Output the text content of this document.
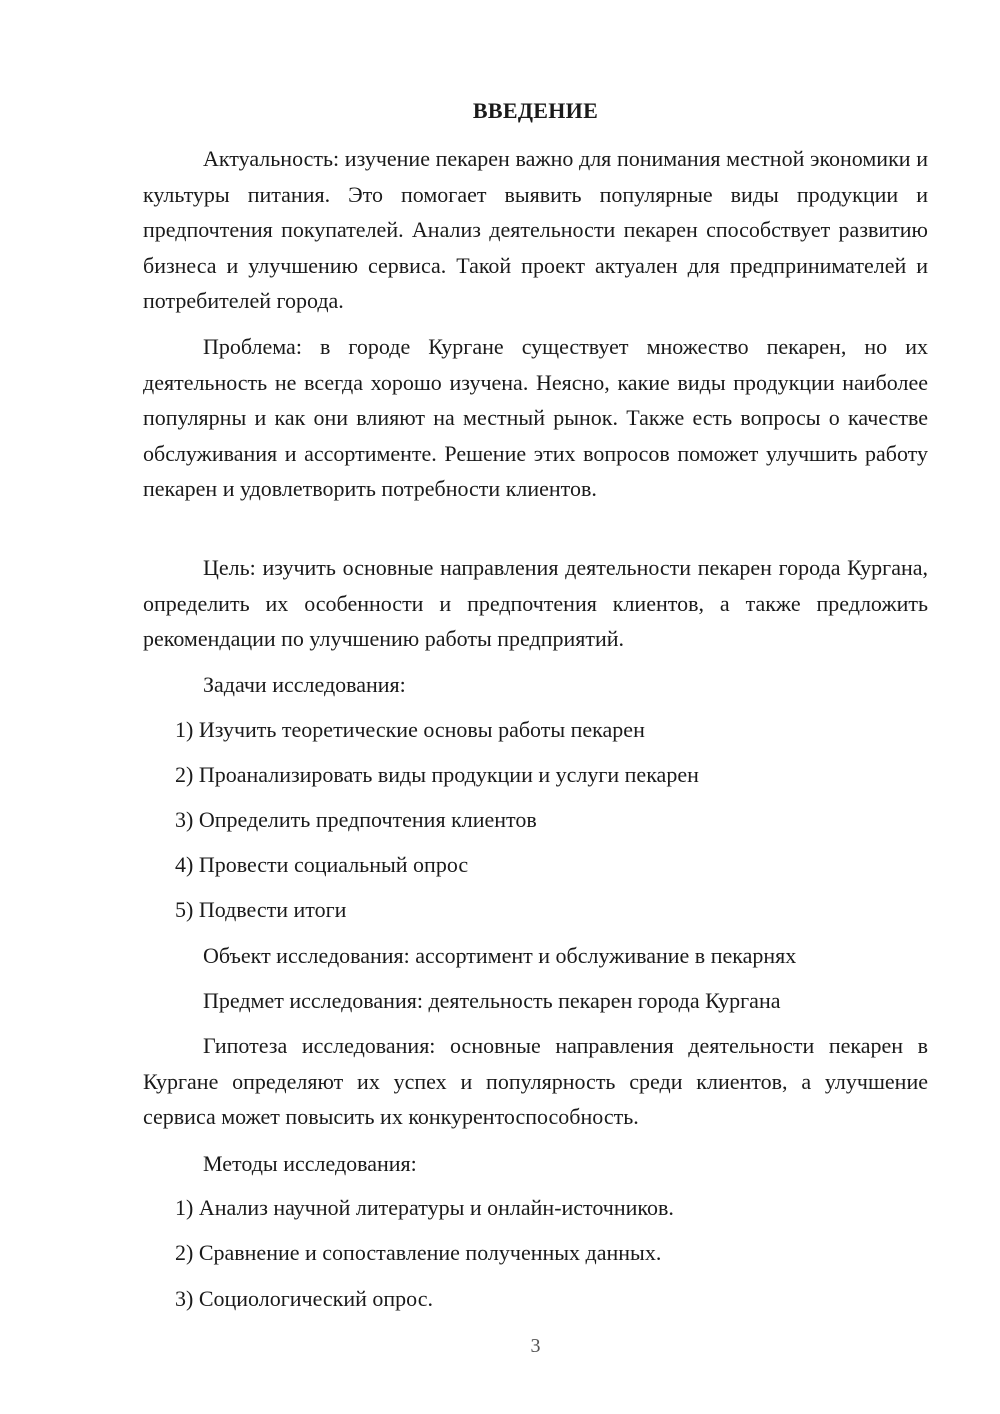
ВВЕДЕНИЕ

Актуальность: изучение пекарен важно для понимания местной экономики и культуры питания. Это помогает выявить популярные виды продукции и предпочтения покупателей. Анализ деятельности пекарен способствует развитию бизнеса и улучшению сервиса. Такой проект актуален для предпринимателей и потребителей города.

Проблема: в городе Кургане существует множество пекарен, но их деятельность не всегда хорошо изучена. Неясно, какие виды продукции наиболее популярны и как они влияют на местный рынок. Также есть вопросы о качестве обслуживания и ассортименте. Решение этих вопросов поможет улучшить работу пекарен и удовлетворить потребности клиентов.

Цель: изучить основные направления деятельности пекарен города Кургана, определить их особенности и предпочтения клиентов, а также предложить рекомендации по улучшению работы предприятий.

Задачи исследования:

1) Изучить теоретические основы работы пекарен

2) Проанализировать виды продукции и услуги пекарен

3) Определить предпочтения клиентов

4) Провести социальный опрос

5) Подвести итоги

Объект исследования: ассортимент и обслуживание в пекарнях

Предмет исследования: деятельность пекарен города Кургана

Гипотеза исследования: основные направления деятельности пекарен в Кургане определяют их успех и популярность среди клиентов, а улучшение сервиса может повысить их конкурентоспособность.

Методы исследования:

1) Анализ научной литературы и онлайн-источников.

2) Сравнение и сопоставление полученных данных.

3) Социологический опрос.

3
